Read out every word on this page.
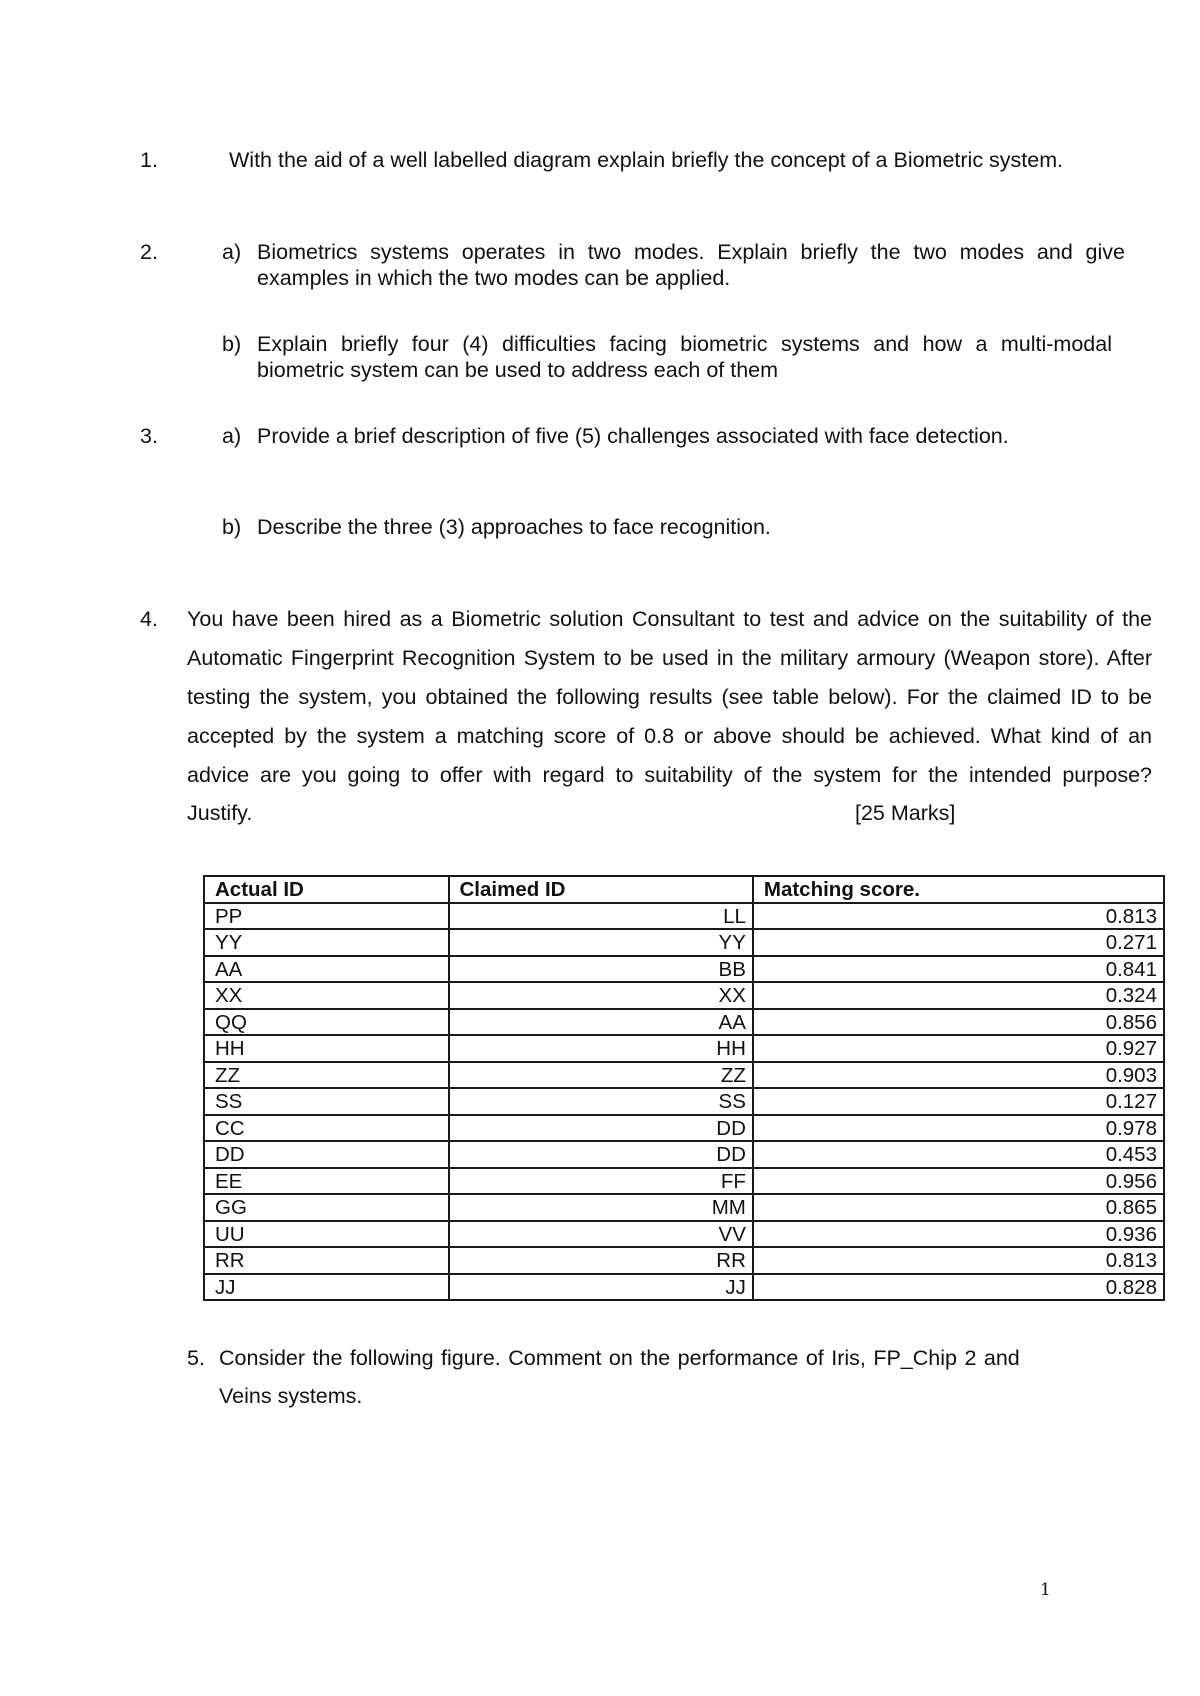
1.	With the aid of a well labelled diagram explain briefly the concept of a Biometric system.
2.	a) Biometrics systems operates in two modes. Explain briefly the two modes and give
examples in which the two modes can be applied.
b) Explain briefly four (4) difficulties facing biometric systems and how a multi-modal
biometric system can be used to address each of them
3.	a) Provide a brief description of five (5) challenges associated with face detection.
b) Describe the three (3) approaches to face recognition.
4. You have been hired as a Biometric solution Consultant to test and advice on the suitability of the
Automatic Fingerprint Recognition System to be used in the military armoury (Weapon store). After
testing the system, you obtained the following results (see table below). For the claimed ID to be
accepted by the system a matching score of 0.8 or above should be achieved. What kind of an
advice are you going to offer with regard to suitability of the system for the intended purpose?
Justify.	[25 Marks]
Actual ID	Claimed ID	Matching score.
PP	LL	0.813
YY	YY	0.271
AA	BB	0.841
XX	XX	0.324
QQ	AA	0.856
HH	HH	0.927
ZZ	ZZ	0.903
SS	SS	0.127
CC	DD	0.978
DD	DD	0.453
EE	FF	0.956
GG	MM	0.865
UU	VV	0.936
RR	RR	0.813
JJ	JJ	0.828
5. Consider the following figure. Comment on the performance of Iris, FP_Chip 2 and
Veins systems.
1
